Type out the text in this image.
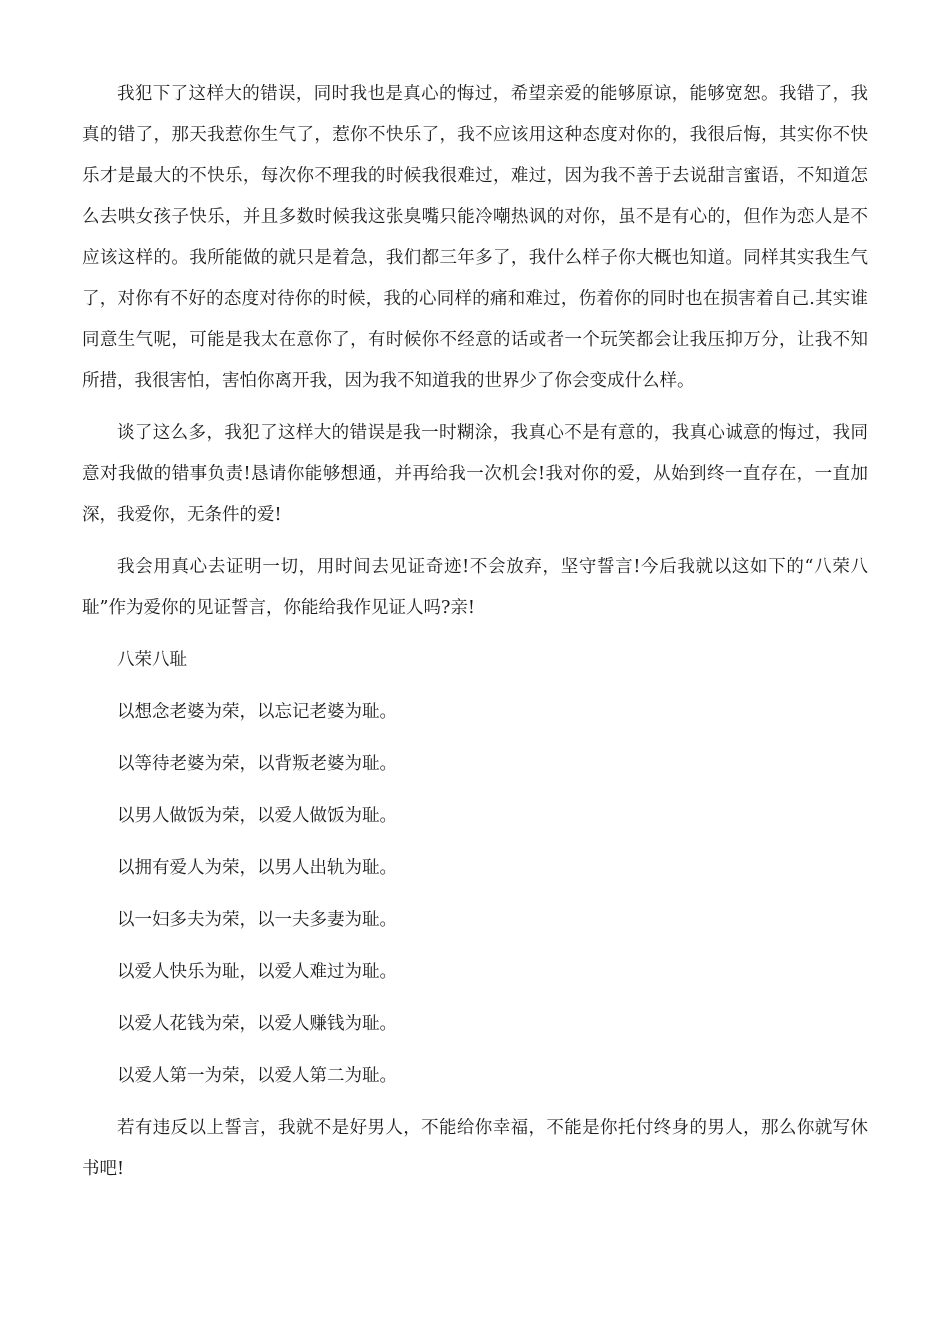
我犯下了这样大的错误，同时我也是真心的悔过，希望亲爱的能够原谅，能够宽恕。我错了，我真的错了，那天我惹你生气了，惹你不快乐了，我不应该用这种态度对你的，我很后悔，其实你不快乐才是最大的不快乐，每次你不理我的时候我很难过，难过，因为我不善于去说甜言蜜语，不知道怎么去哄女孩子快乐，并且多数时候我这张臭嘴只能冷嘲热讽的对你，虽不是有心的，但作为恋人是不应该这样的。我所能做的就只是着急，我们都三年多了，我什么样子你大概也知道。同样其实我生气了，对你有不好的态度对待你的时候，我的心同样的痛和难过，伤着你的同时也在损害着自己.其实谁同意生气呢，可能是我太在意你了，有时候你不经意的话或者一个玩笑都会让我压抑万分，让我不知所措，我很害怕，害怕你离开我，因为我不知道我的世界少了你会变成什么样。

谈了这么多，我犯了这样大的错误是我一时糊涂，我真心不是有意的，我真心诚意的悔过，我同意对我做的错事负责!恳请你能够想通，并再给我一次机会!我对你的爱，从始到终一直存在，一直加深，我爱你，无条件的爱!

我会用真心去证明一切，用时间去见证奇迹!不会放弃，坚守誓言!今后我就以这如下的“八荣八耻”作为爱你的见证誓言，你能给我作见证人吗?亲!

八荣八耻

以想念老婆为荣，以忘记老婆为耻。

以等待老婆为荣，以背叛老婆为耻。

以男人做饭为荣，以爱人做饭为耻。

以拥有爱人为荣，以男人出轨为耻。

以一妇多夫为荣，以一夫多妻为耻。

以爱人快乐为耻，以爱人难过为耻。

以爱人花钱为荣，以爱人赚钱为耻。

以爱人第一为荣，以爱人第二为耻。

若有违反以上誓言，我就不是好男人，不能给你幸福，不能是你托付终身的男人，那么你就写休书吧!
